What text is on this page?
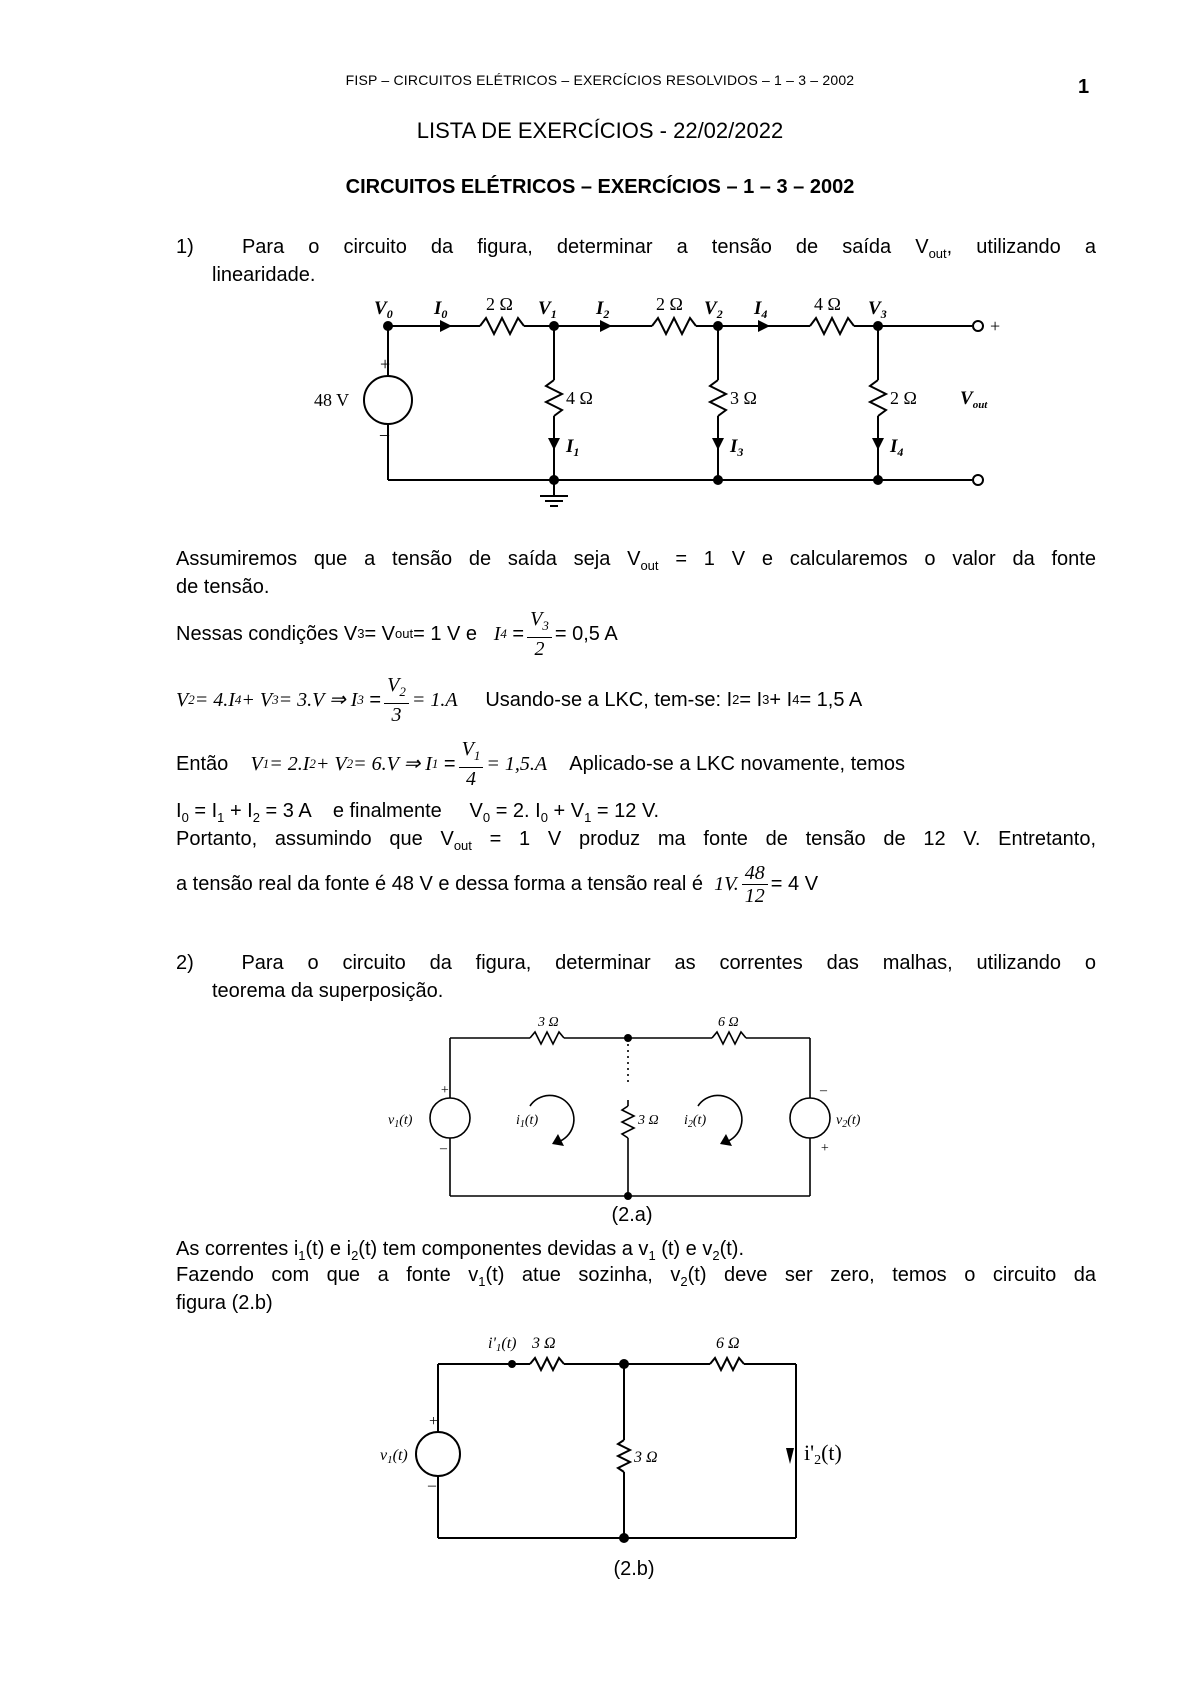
FISP – CIRCUITOS ELÉTRICOS – EXERCÍCIOS RESOLVIDOS – 1 – 3 – 2002	1
LISTA DE EXERCÍCIOS - 22/02/2022
CIRCUITOS ELÉTRICOS – EXERCÍCIOS – 1 – 3 – 2002
1) Para o circuito da figura, determinar a tensão de saída $V_{out}$, utilizando a
linearidade.
$V_0$ $I_0$	$V_1$ $I_2$	$V_2$ $I_4$	$V_3$
$I_1$	$I_3$	$I_4$
$V_{out}$
2 Ω	2 Ω	4 Ω
48 V
+
–
4 Ω	3 Ω	2 Ω
+
Assumiremos que a tensão de saída seja $V_{out} = 1$ V e calcularemos o valor da fonte
de tensão.
Nessas condições V 3 = V out = 1 V e
I $4 = \frac{V_3}{2} = 0,5$ A
V 2 = 4.I 4 + V 3 = 3.V ⇒ I $3 = \frac{V_2}{3} = 1.A$
Usando-se a LKC, tem-se: I 2 = I 3 + I 4 = 1,5 A
Então
V 1 = 2.I 2 + V 2 = 6.V ⇒ I $1 = \frac{V_1}{4} = 1,5.A$
Aplicado-se a LKC novamente, temos
$I_0 = I_1 + I_2 = 3$ A    e finalmente     $V_0 = 2$. $I_0 + V_1 = 12$ V.
Portanto, assumindo que $V_{out} = 1$ V produz ma fonte de tensão de 12 V. Entretanto,
a tensão real da fonte é 48 V e dessa forma a tensão real é
1V. $\frac{48}{12} = 4$ V
2) Para o circuito da figura, determinar as correntes das malhas, utilizando o
teorema da superposição.
3 Ω	6 Ω
3 Ω
$v_1(t)$	$v_2(t)$
$i_1(t)$	$i_2(t)$
+
–
–
+
(2.a)
As correntes $i_1(t)$ e $i_2(t)$ tem componentes devidas a $v_1$ (t) e $v_2(t)$.
Fazendo com que a fonte $v_1(t)$ atue sozinha, $v_2(t)$ deve ser zero, temos o circuito da
figura (2.b)
i'1(t) 3 Ω	6 Ω
3 Ω
v1(t)
+
–
i'2(t)
(2.b)
